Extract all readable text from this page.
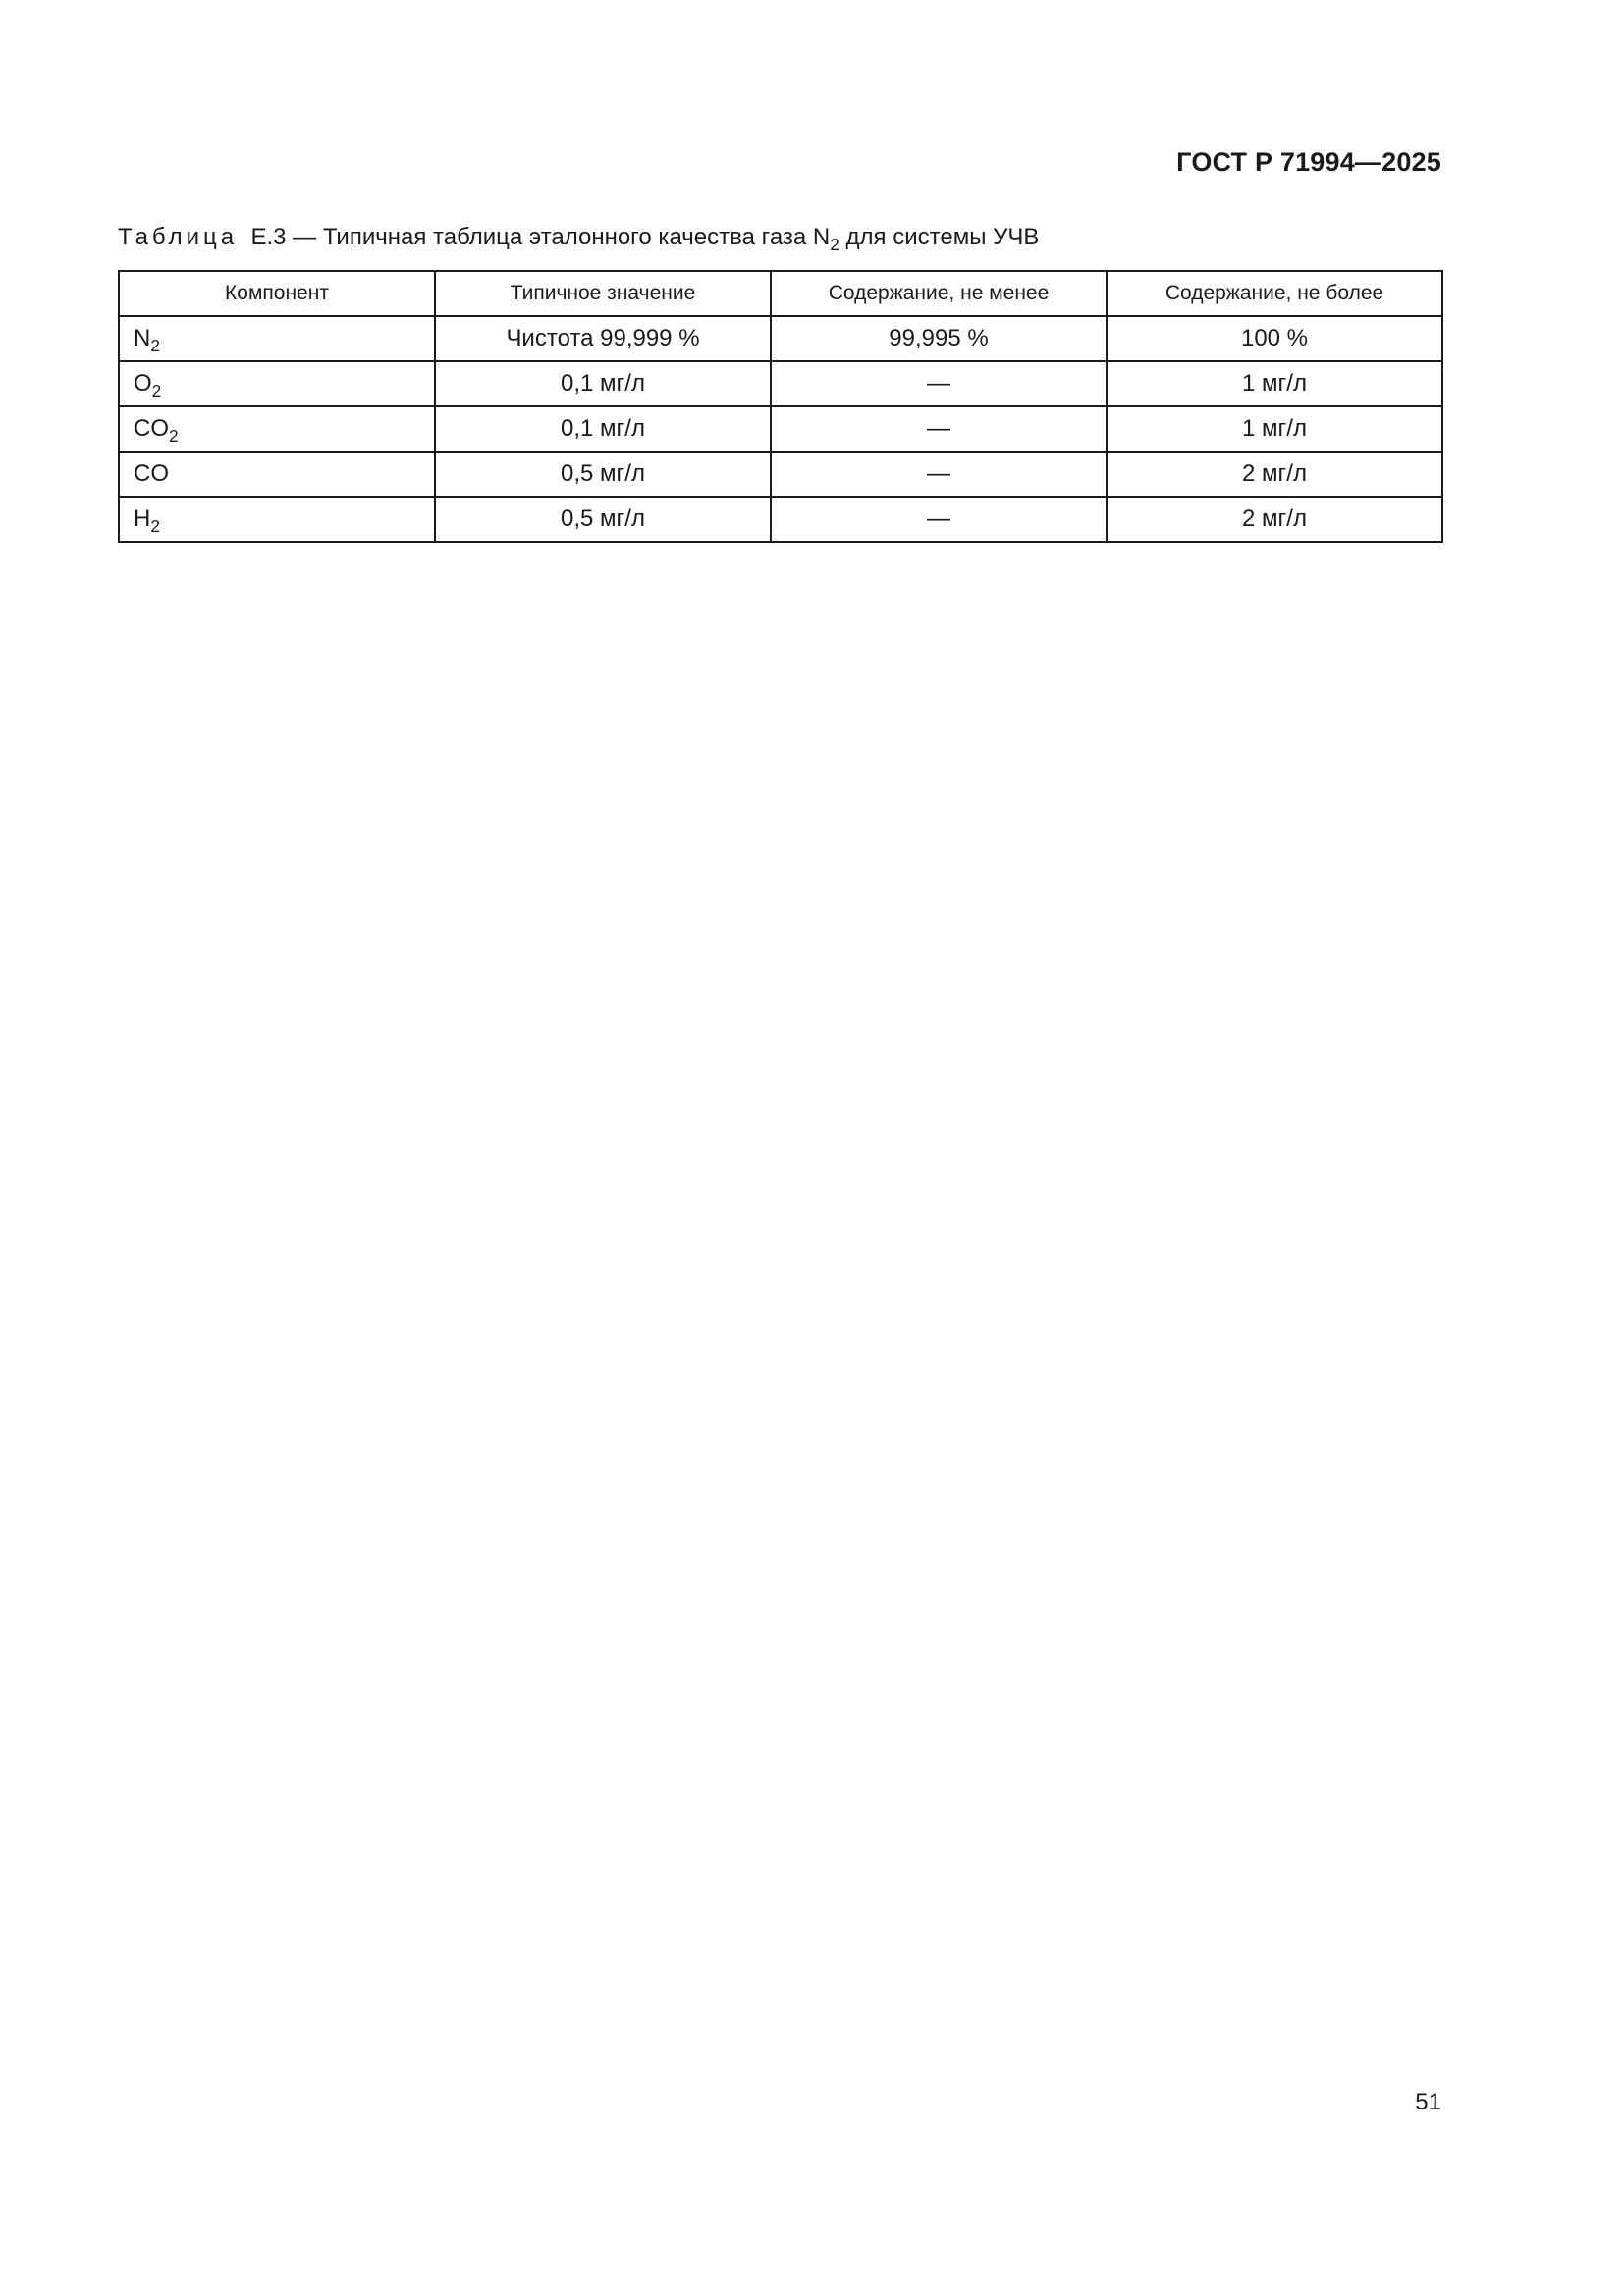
ГОСТ Р 71994—2025
Таблица Е.3 — Типичная таблица эталонного качества газа $N_2$ для системы УЧВ
Компонент	Типичное значение	Содержание, не менее	Содержание, не более
$N_2$	Чистота 99,999 %	99,995 %	100 %
$O_2$	0,1 мг/л	—	1 мг/л
$CO_2$	0,1 мг/л	—	1 мг/л
CO	0,5 мг/л	—	2 мг/л
$H_2$	0,5 мг/л	—	2 мг/л
51
